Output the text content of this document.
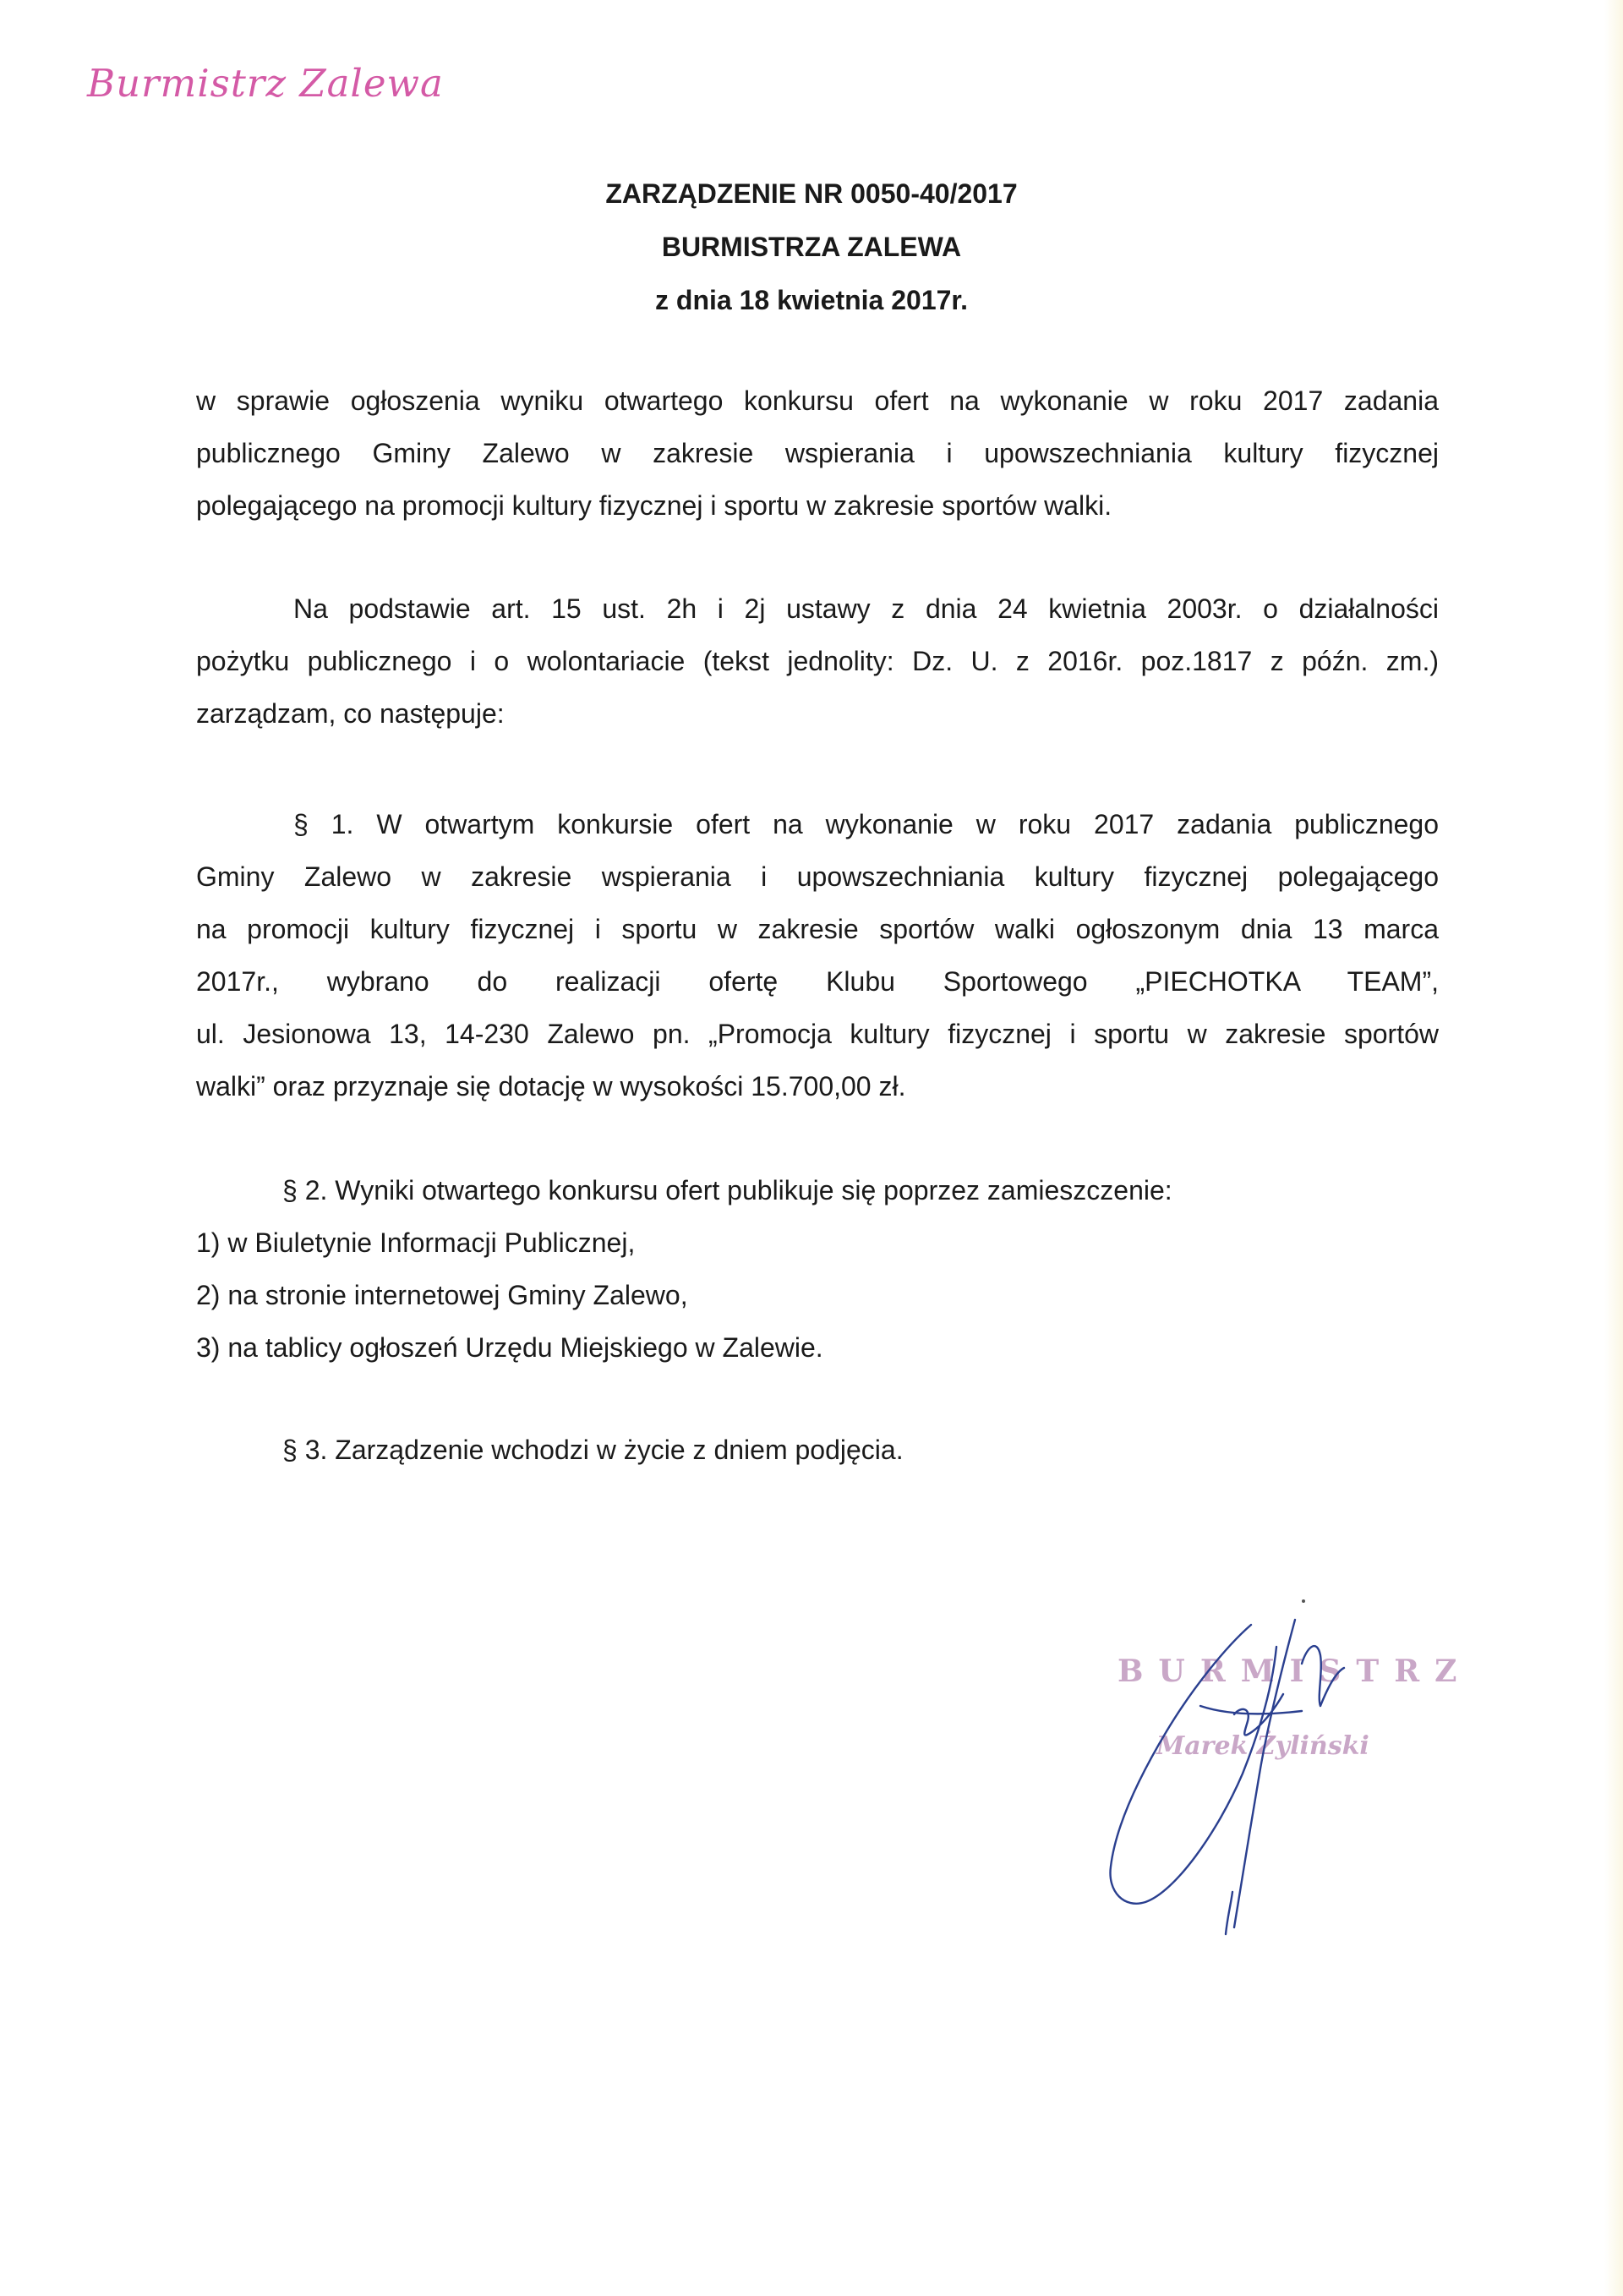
Burmistrz Zalewa
ZARZĄDZENIE NR 0050-40/2017
BURMISTRZA ZALEWA
z dnia 18 kwietnia 2017r.
w sprawie ogłoszenia wyniku otwartego konkursu ofert na wykonanie w roku 2017 zadania
publicznego Gminy Zalewo w zakresie wspierania i upowszechniania kultury fizycznej
polegającego na promocji kultury fizycznej i sportu w zakresie sportów walki.
Na podstawie art. 15 ust. 2h i 2j ustawy z dnia 24 kwietnia 2003r. o działalności
pożytku publicznego i o wolontariacie (tekst jednolity: Dz. U. z 2016r. poz.1817 z późn. zm.)
zarządzam, co następuje:
§ 1. W otwartym konkursie ofert na wykonanie w roku 2017 zadania publicznego
Gminy Zalewo w zakresie wspierania i upowszechniania kultury fizycznej polegającego
na promocji kultury fizycznej i sportu w zakresie sportów walki ogłoszonym dnia 13 marca
2017r., wybrano do realizacji ofertę Klubu Sportowego „PIECHOTKA TEAM”,
ul. Jesionowa 13, 14-230 Zalewo pn. „Promocja kultury fizycznej i sportu w zakresie sportów
walki” oraz przyznaje się dotację w wysokości 15.700,00 zł.
§ 2. Wyniki otwartego konkursu ofert publikuje się poprzez zamieszczenie:
1) w Biuletynie Informacji Publicznej,
2) na stronie internetowej Gminy Zalewo,
3) na tablicy ogłoszeń Urzędu Miejskiego w Zalewie.
§ 3. Zarządzenie wchodzi w życie z dniem podjęcia.
BURMISTRZ
Marek Żyliński
